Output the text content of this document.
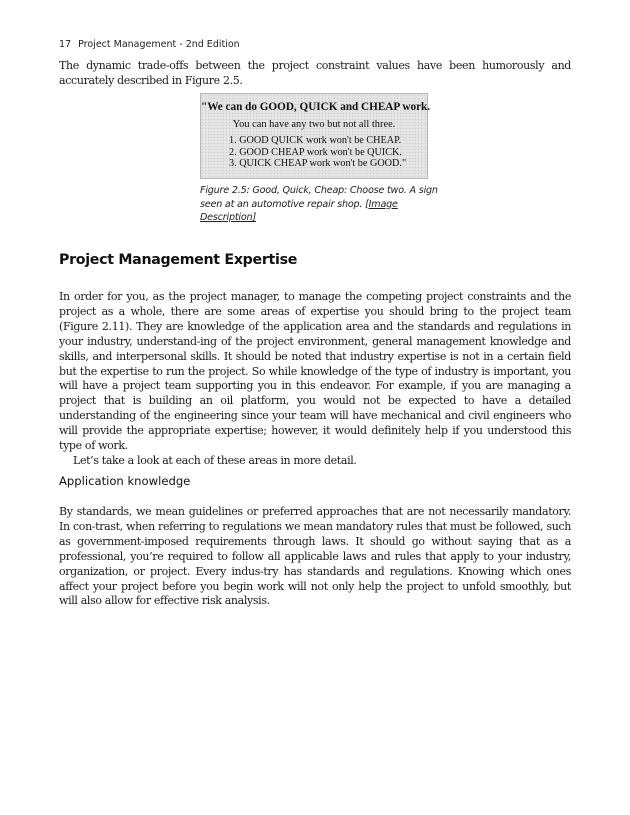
17 Project Management - 2nd Edition

The dynamic trade-offs between the project constraint values have been humorously and accurately described in Figure 2.5.

"We can do GOOD, QUICK and CHEAP work.
You can have any two but not all three.
1. GOOD QUICK work won't be CHEAP.
2. GOOD CHEAP work won't be QUICK.
3. QUICK CHEAP work won't be GOOD."
Figure 2.5: Good, Quick, Cheap: Choose two. A sign seen at an automotive repair shop. [Image Description]
Project Management Expertise

In order for you, as the project manager, to manage the competing project constraints and the project as a whole, there are some areas of expertise you should bring to the project team (Figure 2.11). They are knowledge of the application area and the standards and regulations in your industry, understand-ing of the project environment, general management knowledge and skills, and interpersonal skills. It should be noted that industry expertise is not in a certain field but the expertise to run the project. So while knowledge of the type of industry is important, you will have a project team supporting you in this endeavor. For example, if you are managing a project that is building an oil platform, you would not be expected to have a detailed understanding of the engineering since your team will have mechanical and civil engineers who will provide the appropriate expertise; however, it would definitely help if you understood this type of work.

Let’s take a look at each of these areas in more detail.

Application knowledge

By standards, we mean guidelines or preferred approaches that are not necessarily mandatory. In con-trast, when referring to regulations we mean mandatory rules that must be followed, such as government-imposed requirements through laws. It should go without saying that as a professional, you’re required to follow all applicable laws and rules that apply to your industry, organization, or project. Every indus-try has standards and regulations. Knowing which ones affect your project before you begin work will not only help the project to unfold smoothly, but will also allow for effective risk analysis.
